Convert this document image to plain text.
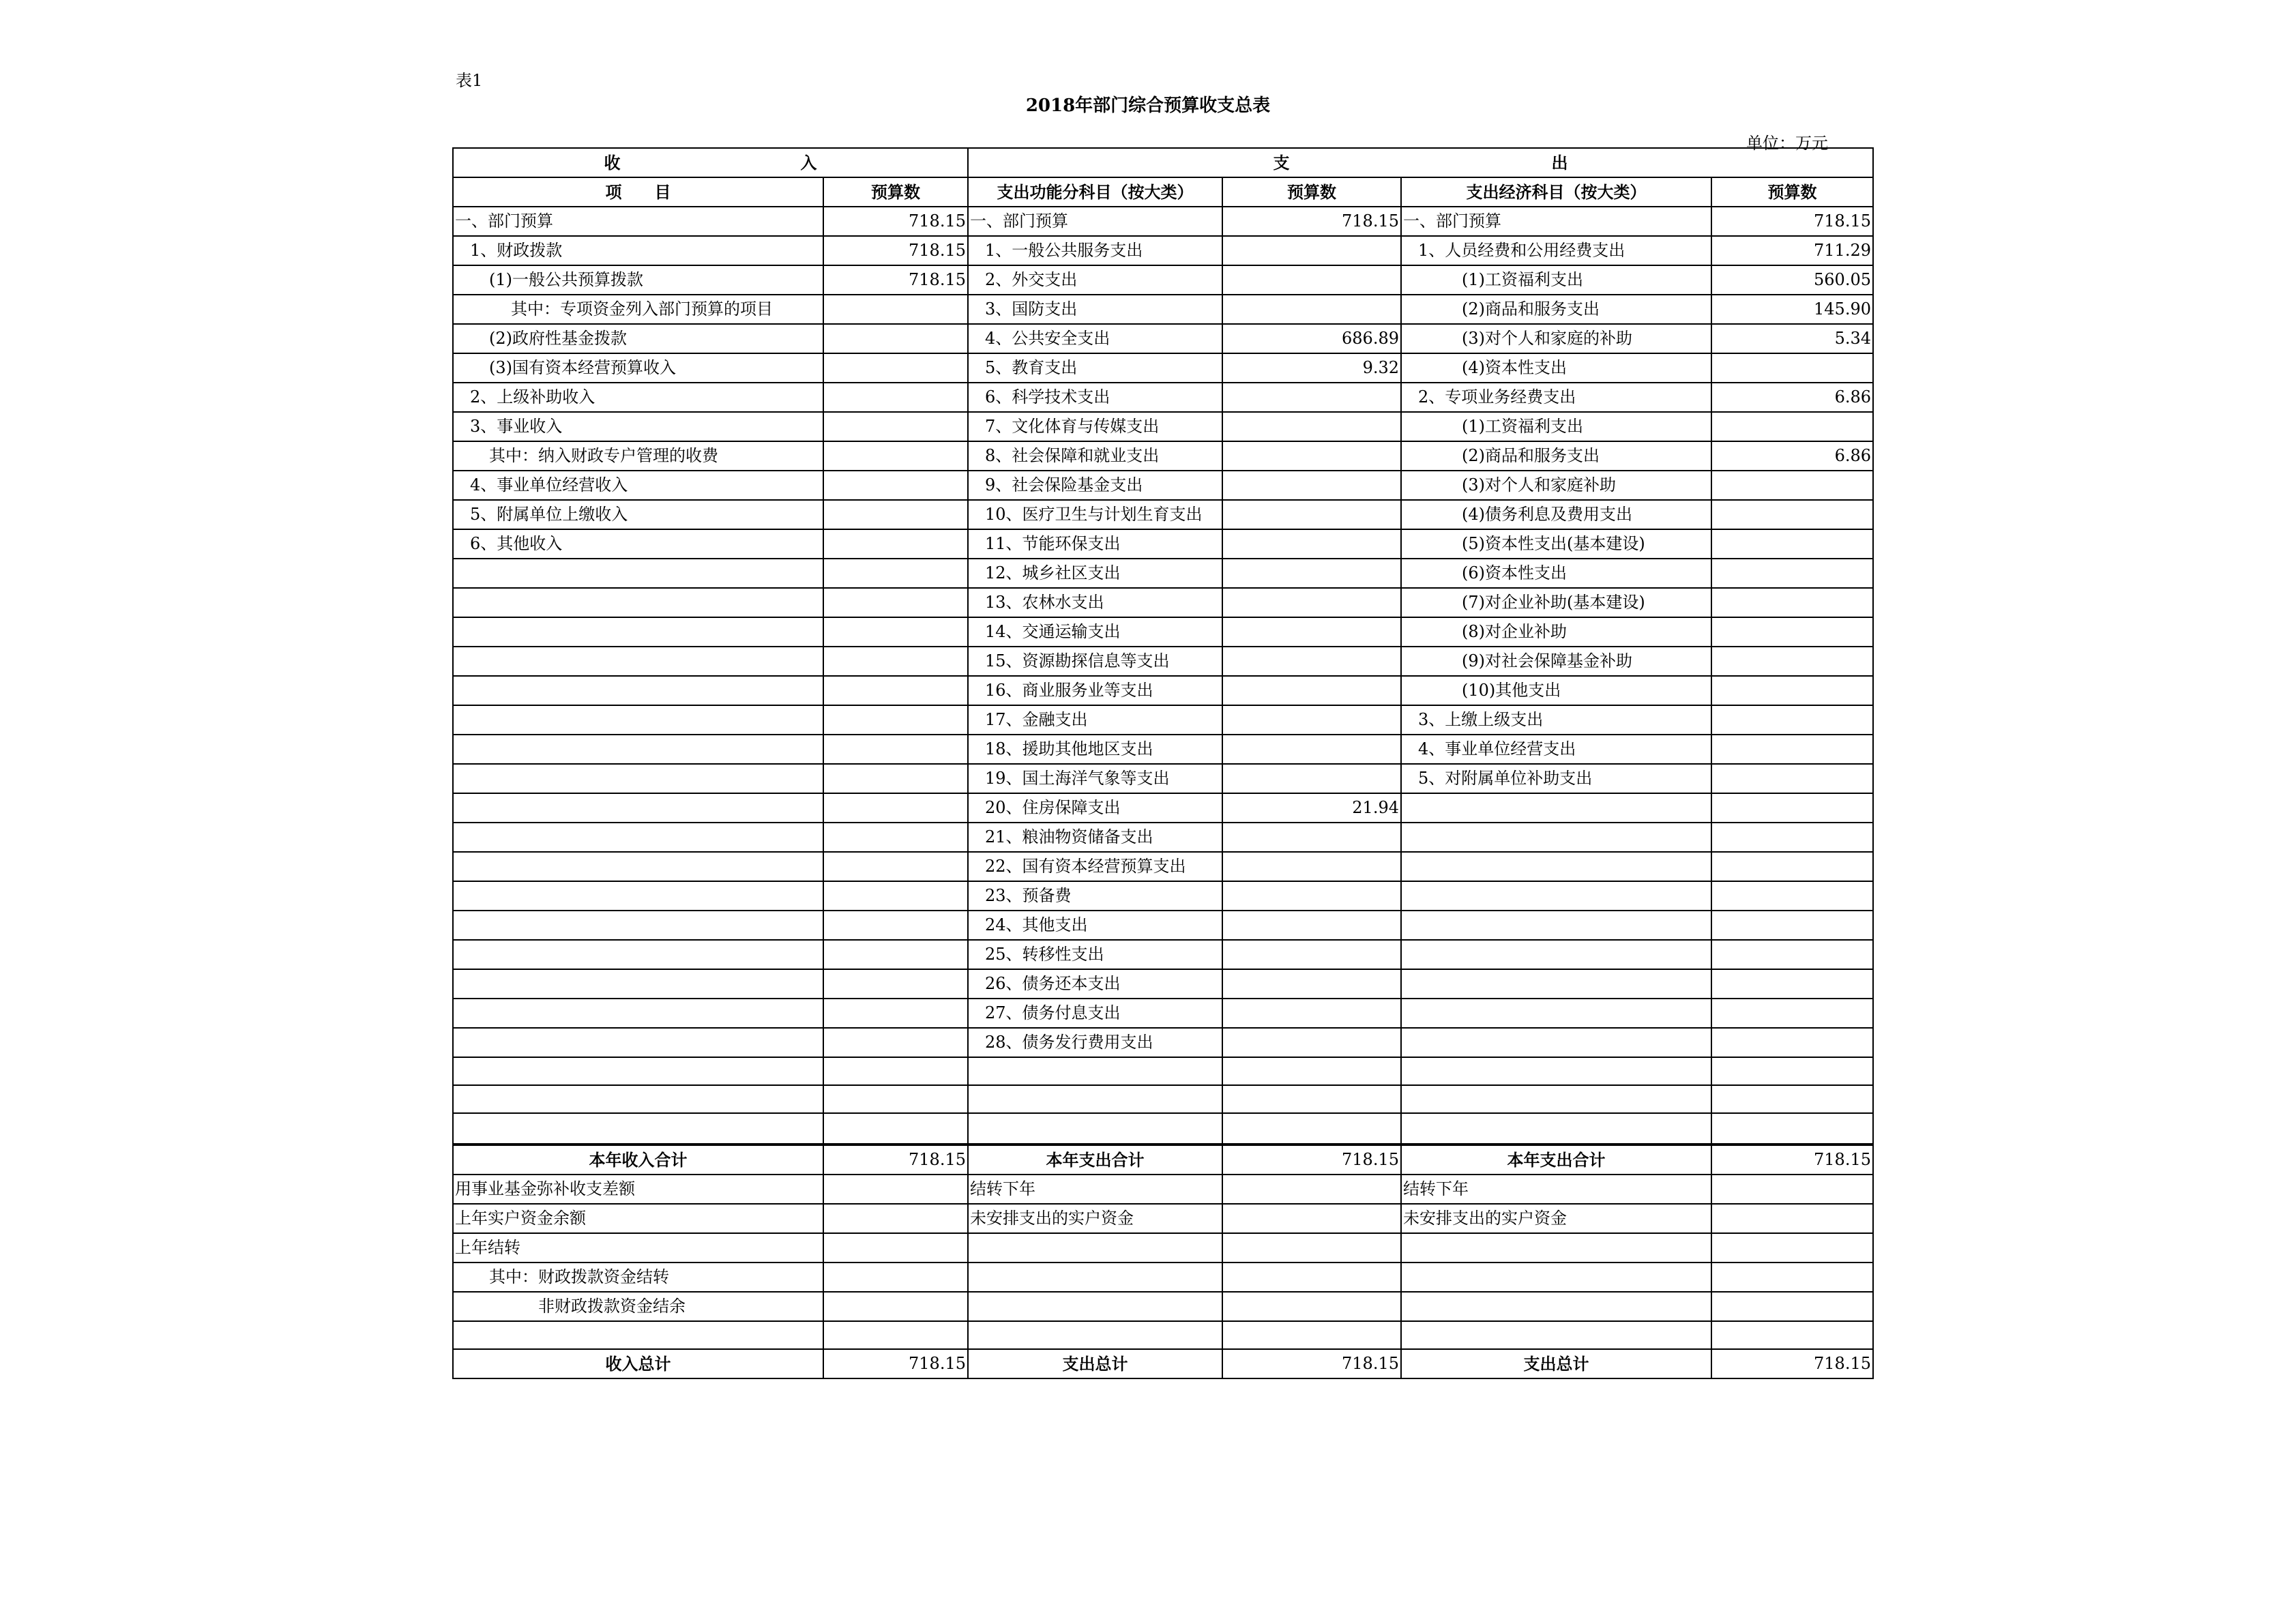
表1
2018年部门综合预算收支总表
单位：万元
收　　　　　　　　　　　入		支　　　　　　　　　　　　　　　　出			
项　　目	预算数	支出功能分科目（按大类）	预算数	支出经济科目（按大类）	预算数
一、部门预算	718.15	一、部门预算	718.15	一、部门预算	718.15
1、财政拨款	718.15	1、一般公共服务支出		1、人员经费和公用经费支出	711.29
(1)一般公共预算拨款	718.15	2、外交支出		(1)工资福利支出	560.05
其中：专项资金列入部门预算的项目		3、国防支出		(2)商品和服务支出	145.90
(2)政府性基金拨款		4、公共安全支出	686.89	(3)对个人和家庭的补助	5.34
(3)国有资本经营预算收入		5、教育支出	9.32	(4)资本性支出	
2、上级补助收入		6、科学技术支出		2、专项业务经费支出	6.86
3、事业收入		7、文化体育与传媒支出		(1)工资福利支出	
其中：纳入财政专户管理的收费		8、社会保障和就业支出		(2)商品和服务支出	6.86
4、事业单位经营收入		9、社会保险基金支出		(3)对个人和家庭补助	
5、附属单位上缴收入		10、医疗卫生与计划生育支出		(4)债务利息及费用支出	
6、其他收入		11、节能环保支出		(5)资本性支出(基本建设)	
		12、城乡社区支出		(6)资本性支出	
		13、农林水支出		(7)对企业补助(基本建设)	
		14、交通运输支出		(8)对企业补助	
		15、资源勘探信息等支出		(9)对社会保障基金补助	
		16、商业服务业等支出		(10)其他支出	
		17、金融支出		3、上缴上级支出	
		18、援助其他地区支出		4、事业单位经营支出	
		19、国土海洋气象等支出		5、对附属单位补助支出	
		20、住房保障支出	21.94		
		21、粮油物资储备支出			
		22、国有资本经营预算支出			
		23、预备费			
		24、其他支出			
		25、转移性支出			
		26、债务还本支出			
		27、债务付息支出			
		28、债务发行费用支出			

本年收入合计	718.15	本年支出合计	718.15	本年支出合计	718.15
用事业基金弥补收支差额		结转下年		结转下年	
上年实户资金余额		未安排支出的实户资金		未安排支出的实户资金	
上年结转					
其中：财政拨款资金结转					
非财政拨款资金结余					

收入总计	718.15	支出总计	718.15	支出总计	718.15
